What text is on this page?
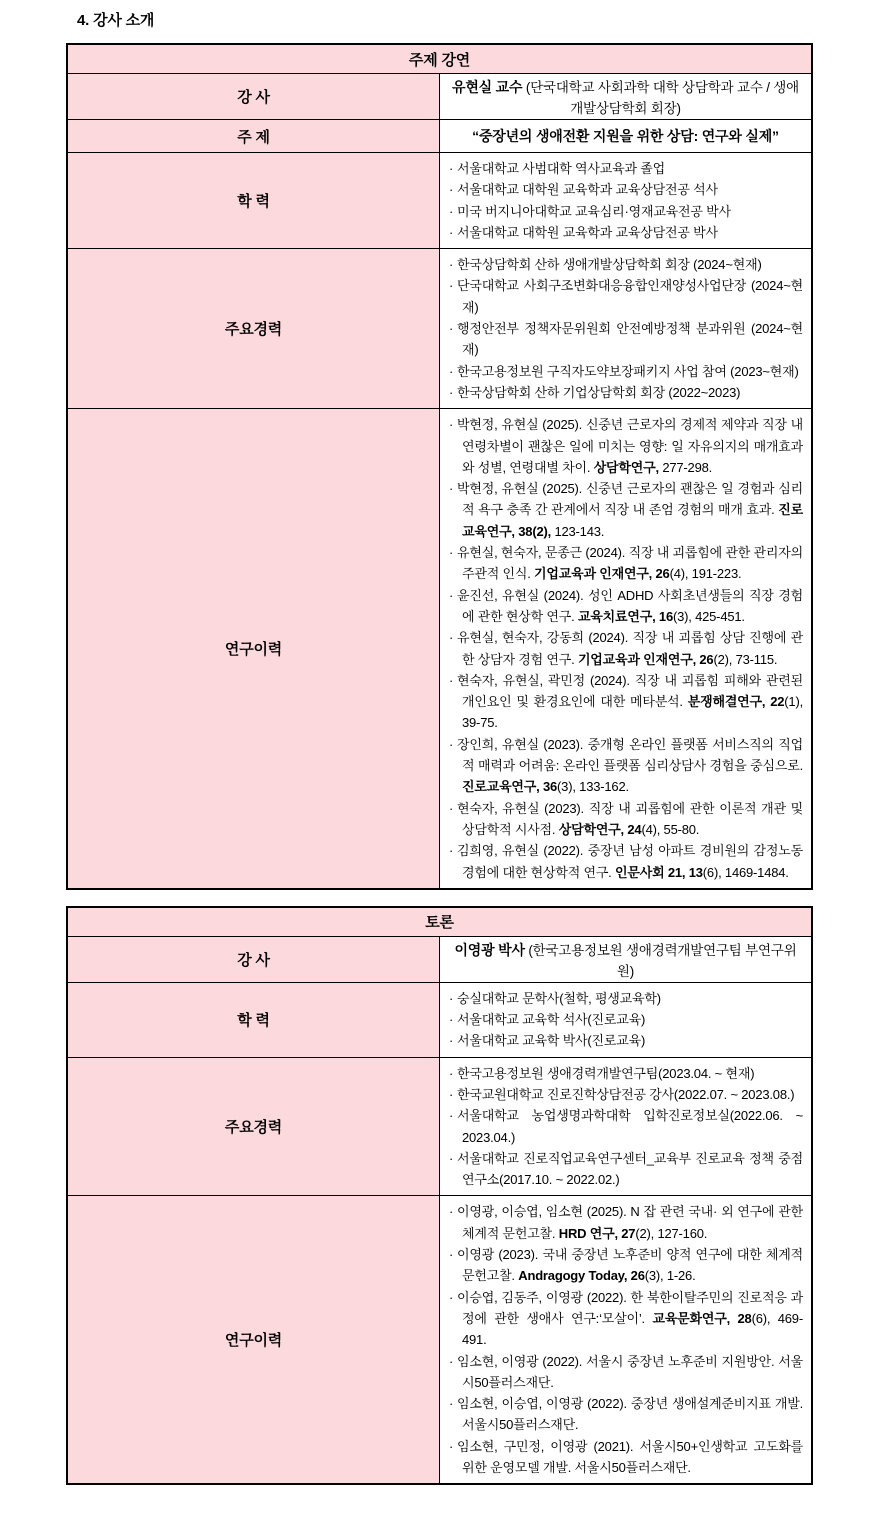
4. 강사 소개
주제 강연	
강 사	유현실 교수 (단국대학교 사회과학 대학 상담학과 교수 / 생애개발상담학회 회장)
주 제	“중장년의 생애전환 지원을 위한 상담: 연구와 실제”
학 력	· 서울대학교 사범대학 역사교육과 졸업
· 서울대학교 대학원 교육학과 교육상담전공 석사
· 미국 버지니아대학교 교육심리·영재교육전공 박사
· 서울대학교 대학원 교육학과 교육상담전공 박사

주요경력	· 한국상담학회 산하 생애개발상담학회 회장 (2024~현재)
· 단국대학교 사회구조변화대응융합인재양성사업단장 (2024~현재)
· 행정안전부 정책자문위원회 안전예방정책 분과위원 (2024~현재)
· 한국고용정보원 구직자도약보장패키지 사업 참여 (2023~현재)
· 한국상담학회 산하 기업상담학회 회장 (2022~2023)

연구이력	
· 박현정, 유현실 (2025). 신중년 근로자의 경제적 제약과 직장 내 연령차별이 괜찮은 일에 미치는 영향: 일 자유의지의 매개효과와 성별, 연령대별 차이. 상담학연구, 277-298.
· 박현정, 유현실 (2025). 신중년 근로자의 괜찮은 일 경험과 심리적 욕구 충족 간 관계에서 직장 내 존엄 경험의 매개 효과. 진로교육연구, 38(2), 123-143.
· 유현실, 현숙자, 문종근 (2024). 직장 내 괴롭힘에 관한 관리자의 주관적 인식. 기업교육과 인재연구, 26(4), 191-223.
· 윤진선, 유현실 (2024). 성인 ADHD 사회초년생들의 직장 경험에 관한 현상학 연구. 교육치료연구, 16(3), 425-451.
· 유현실, 현숙자, 강동희 (2024). 직장 내 괴롭힘 상담 진행에 관한 상담자 경험 연구. 기업교육과 인재연구, 26(2), 73-115.
· 현숙자, 유현실, 곽민정 (2024). 직장 내 괴롭힘 피해와 관련된 개인요인 및 환경요인에 대한 메타분석. 분쟁해결연구, 22(1), 39-75.
· 장인희, 유현실 (2023). 중개형 온라인 플랫폼 서비스직의 직업적 매력과 어려움: 온라인 플랫폼 심리상담사 경험을 중심으로. 진로교육연구, 36(3), 133-162.
· 현숙자, 유현실 (2023). 직장 내 괴롭힘에 관한 이론적 개관 및 상담학적 시사점. 상담학연구, 24(4), 55-80.
· 김희영, 유현실 (2022). 중장년 남성 아파트 경비원의 감정노동 경험에 대한 현상학적 연구. 인문사회 21, 13(6), 1469-1484.
토론	
강 사	이영광 박사 (한국고용정보원 생애경력개발연구팀 부연구위원)
학 력	· 숭실대학교 문학사(철학, 평생교육학)
· 서울대학교 교육학 석사(진로교육)
· 서울대학교 교육학 박사(진로교육)

주요경력	· 한국고용정보원 생애경력개발연구팀(2023.04. ~ 현재)
· 한국교원대학교 진로진학상담전공 강사(2022.07. ~ 2023.08.)
· 서울대학교 농업생명과학대학 입학진로정보실(2022.06. ~ 2023.04.)
· 서울대학교 진로직업교육연구센터_교육부 진로교육 정책 중점 연구소(2017.10. ~ 2022.02.)

연구이력	
· 이영광, 이승엽, 임소현 (2025). N 잡 관련 국내· 외 연구에 관한 체계적 문헌고찰. HRD 연구, 27(2), 127-160.
· 이영광 (2023). 국내 중장년 노후준비 양적 연구에 대한 체계적 문헌고찰. Andragogy Today, 26(3), 1-26.
· 이승엽, 김동주, 이영광 (2022). 한 북한이탈주민의 진로적응 과정에 관한 생애사 연구:‘모살이’. 교육문화연구, 28(6), 469-491.
· 임소현, 이영광 (2022). 서울시 중장년 노후준비 지원방안. 서울시50플러스재단.
· 임소현, 이승엽, 이영광 (2022). 중장년 생애설계준비지표 개발. 서울시50플러스재단.
· 임소현, 구민정, 이영광 (2021). 서울시50+인생학교 고도화를 위한 운영모델 개발. 서울시50플러스재단.
